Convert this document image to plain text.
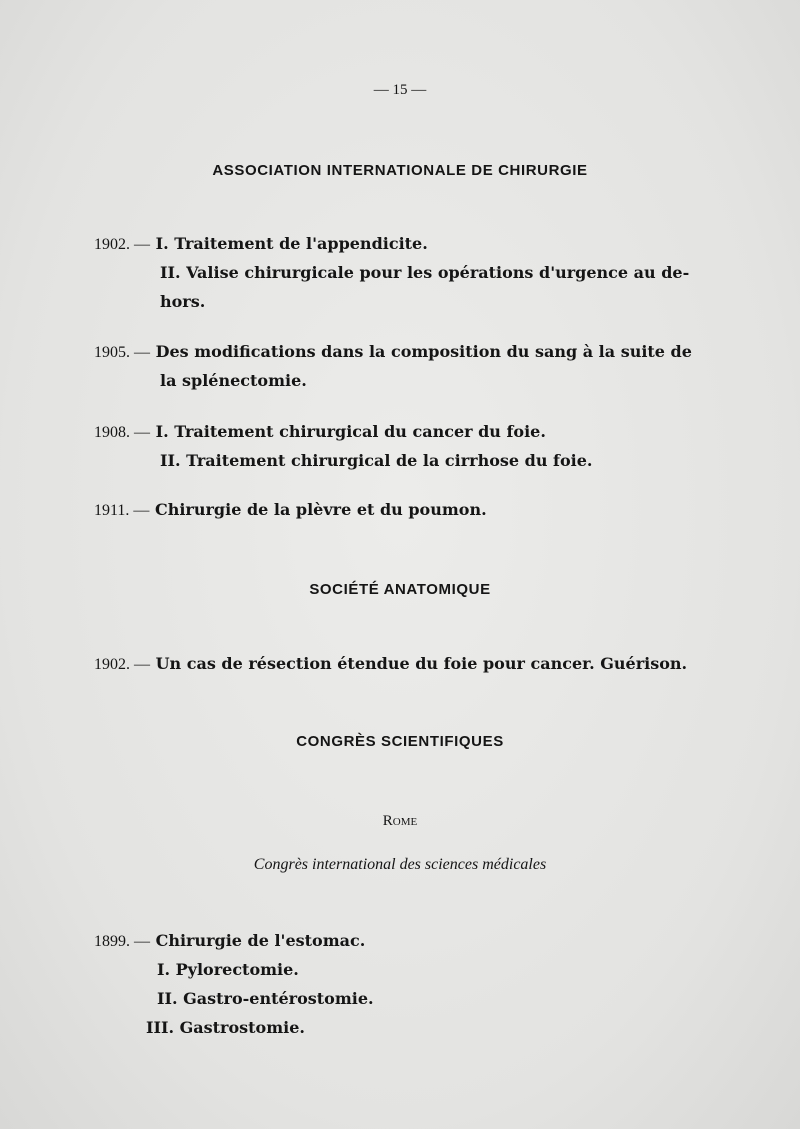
— 15 —
ASSOCIATION INTERNATIONALE DE CHIRURGIE
1902. — I. Traitement de l'appendicite.
II. Valise chirurgicale pour les opérations d'urgence au de-
hors.
1905. — Des modifications dans la composition du sang à la suite de
la splénectomie.
1908. — I. Traitement chirurgical du cancer du foie.
II. Traitement chirurgical de la cirrhose du foie.
1911. — Chirurgie de la plèvre et du poumon.
SOCIÉTÉ ANATOMIQUE
1902. — Un cas de résection étendue du foie pour cancer. Guérison.
CONGRÈS SCIENTIFIQUES
Rome
Congrès international des sciences médicales
1899. — Chirurgie de l'estomac.
I. Pylorectomie.
II. Gastro-entérostomie.
III. Gastrostomie.
